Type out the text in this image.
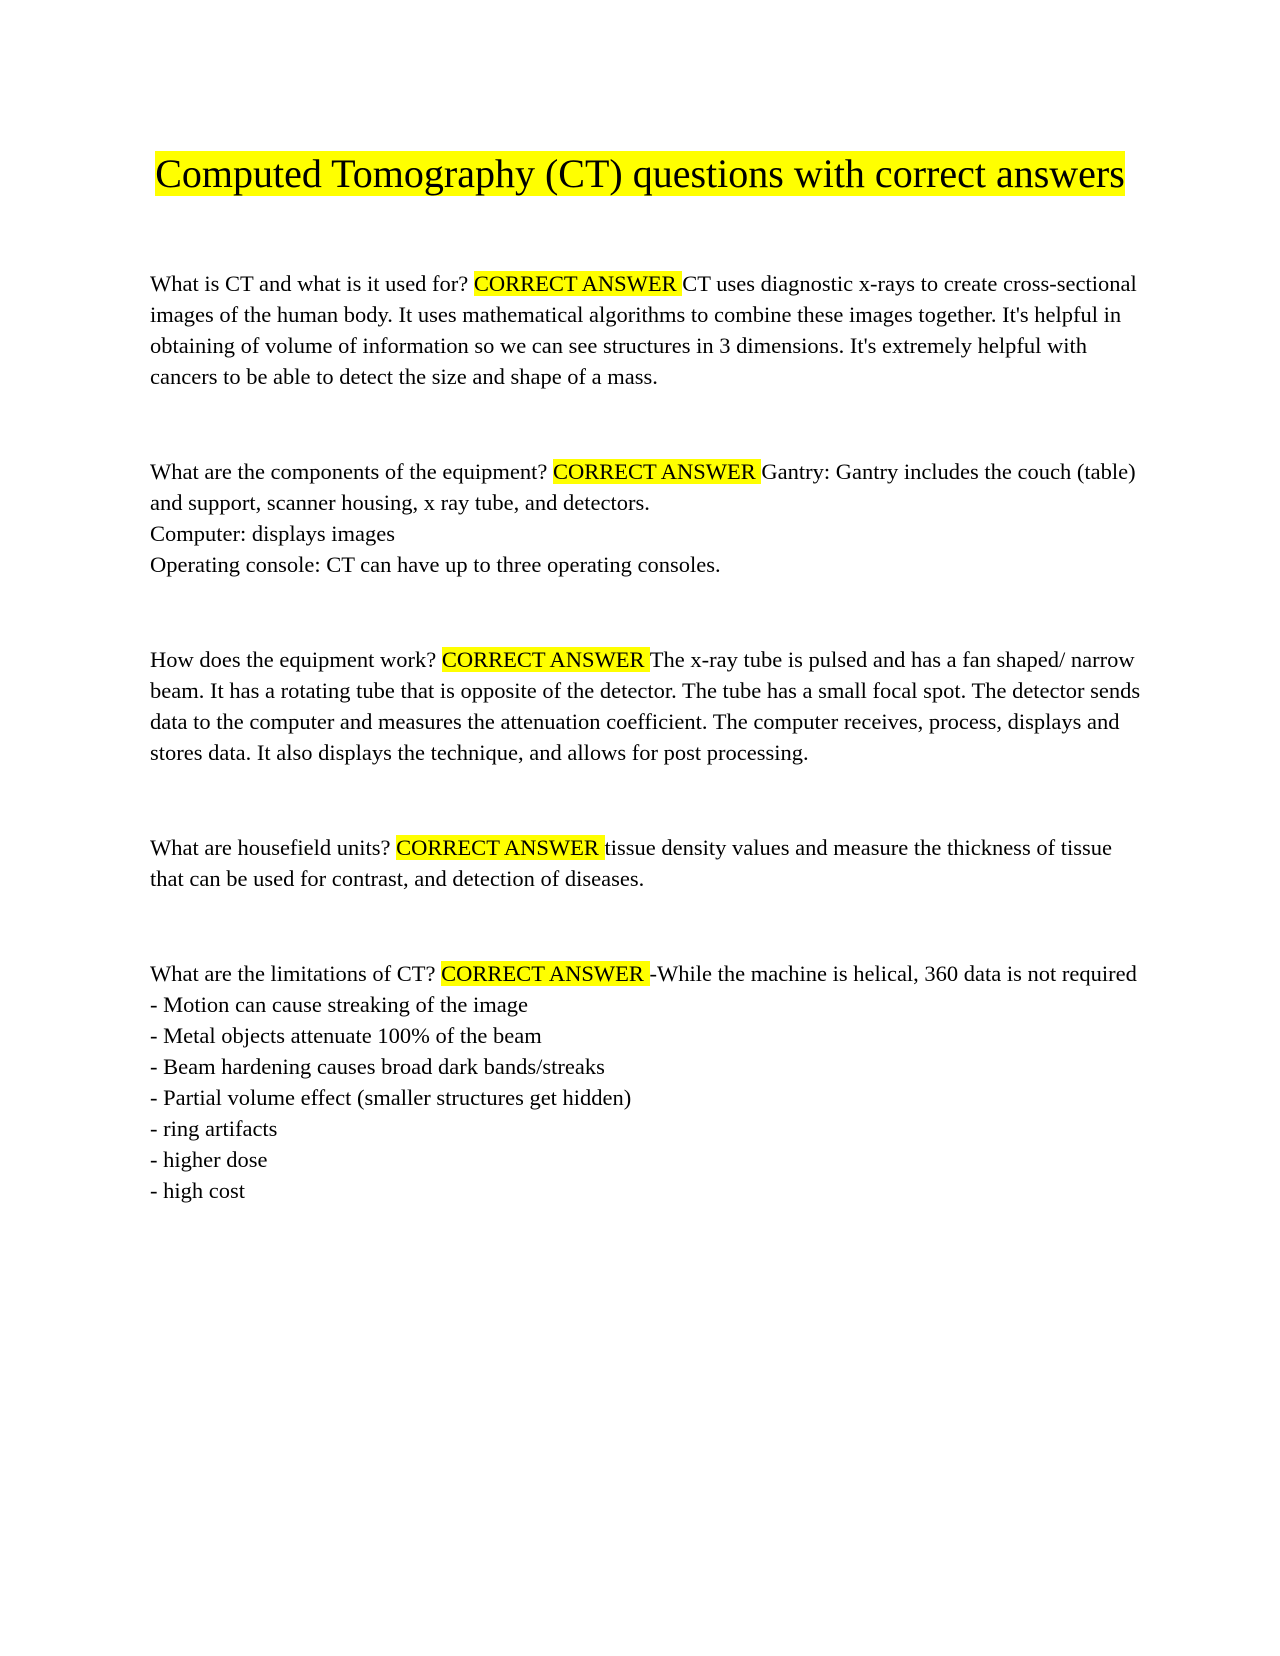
Computed Tomography (CT) questions with correct answers

What is CT and what is it used for? CORRECT ANSWER CT uses diagnostic x-rays to create cross-sectional images of the human body. It uses mathematical algorithms to combine these images together. It's helpful in obtaining of volume of information so we can see structures in 3 dimensions. It's extremely helpful with cancers to be able to detect the size and shape of a mass.

What are the components of the equipment? CORRECT ANSWER Gantry: Gantry includes the couch (table) and support, scanner housing, x ray tube, and detectors.

Computer: displays images

Operating console: CT can have up to three operating consoles.

How does the equipment work? CORRECT ANSWER The x-ray tube is pulsed and has a fan shaped/ narrow beam. It has a rotating tube that is opposite of the detector. The tube has a small focal spot. The detector sends data to the computer and measures the attenuation coefficient. The computer receives, process, displays and stores data. It also displays the technique, and allows for post processing.

What are housefield units? CORRECT ANSWER tissue density values and measure the thickness of tissue that can be used for contrast, and detection of diseases.

What are the limitations of CT? CORRECT ANSWER -While the machine is helical, 360 data is not required

- Motion can cause streaking of the image

- Metal objects attenuate 100% of the beam

- Beam hardening causes broad dark bands/streaks

- Partial volume effect (smaller structures get hidden)

- ring artifacts

- higher dose

- high cost
